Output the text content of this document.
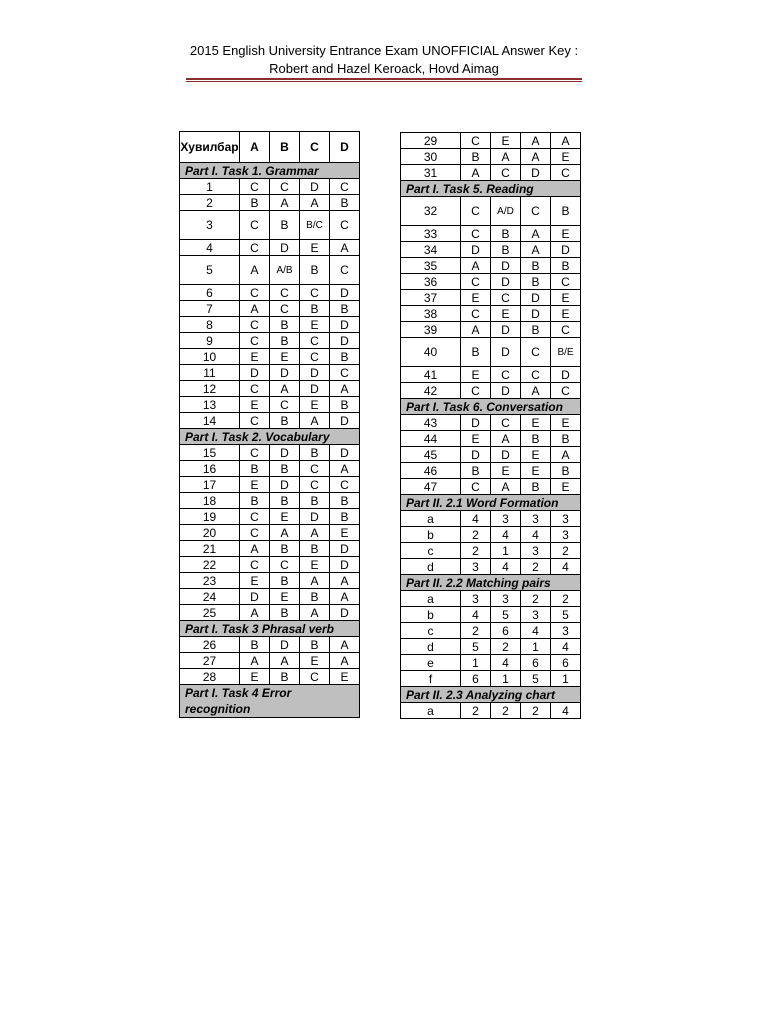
2015 English University Entrance Exam UNOFFICIAL Answer Key :
Robert and Hazel Keroack, Hovd Aimag
Хувилбар	A	B	C	D
Part I. Task 1. Grammar				
1	C	C	D	C
2	B	A	A	B
3	C	B	B/C	C
4	C	D	E	A
5	A	A/B	B	C
6	C	C	C	D
7	A	C	B	B
8	C	B	E	D
9	C	B	C	D
10	E	E	C	B
11	D	D	D	C
12	C	A	D	A
13	E	C	E	B
14	C	B	A	D
Part I. Task 2. Vocabulary				
15	C	D	B	D
16	B	B	C	A
17	E	D	C	C
18	B	B	B	B
19	C	E	D	B
20	C	A	A	E
21	A	B	B	D
22	C	C	E	D
23	E	B	A	A
24	D	E	B	A
25	A	B	A	D
Part I. Task 3 Phrasal verb				
26	B	D	B	A
27	A	A	E	A
28	E	B	C	E
Part I. Task 4 Error recognition				
29	C	E	A	A
30	B	A	A	E
31	A	C	D	C
Part I. Task 5. Reading				
32	C	A/D	C	B
33	C	B	A	E
34	D	B	A	D
35	A	D	B	B
36	C	D	B	C
37	E	C	D	E
38	C	E	D	E
39	A	D	B	C
40	B	D	C	B/E
41	E	C	C	D
42	C	D	A	C
Part I. Task 6. Conversation				
43	D	C	E	E
44	E	A	B	B
45	D	D	E	A
46	B	E	E	B
47	C	A	B	E
Part II. 2.1 Word Formation				
a	4	3	3	3
b	2	4	4	3
c	2	1	3	2
d	3	4	2	4
Part II. 2.2 Matching pairs				
a	3	3	2	2
b	4	5	3	5
c	2	6	4	3
d	5	2	1	4
e	1	4	6	6
f	6	1	5	1
Part II. 2.3 Analyzing chart				
a	2	2	2	4
